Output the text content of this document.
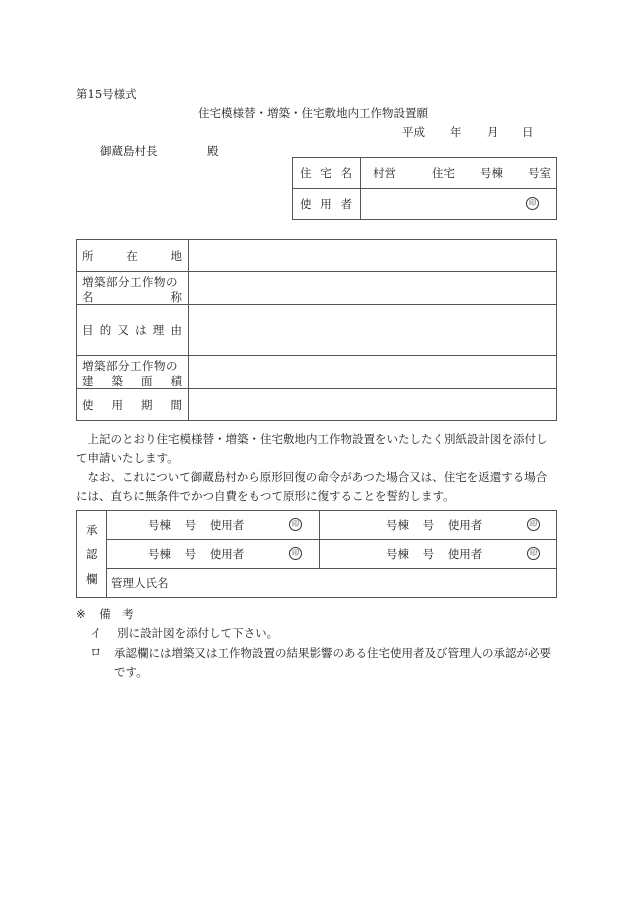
第15号様式
住宅模様替・増築・住宅敷地内工作物設置願
平成 年 月 日
御蔵島村長	殿
住 宅 名 村営	住宅 号棟 号室
使 用 者	印
所	在	地
増築部分工作物の
名	称
目 的 又 は 理 由
増築部分工作物の
建 築 面 積
使 用 期 間
上記のとおり住宅模様替・増築・住宅敷地内工作物設置をいたしたく別紙設計図を添付して申請いたします。
なお、これについて御蔵島村から原形回復の命令があつた場合又は、住宅を返還する場合には、直ちに無条件でかつ自費をもつて原形に復することを誓約します。
承
認
欄
号棟 号 使用者	印	号棟 号 使用者	印
号棟 号 使用者	印	号棟 号 使用者	印
管理人氏名
※ 備　考
イ 別に設計図を添付して下さい。
ロ 承認欄には増築又は工作物設置の結果影響のある住宅使用者及び管理人の承認が必要です。
